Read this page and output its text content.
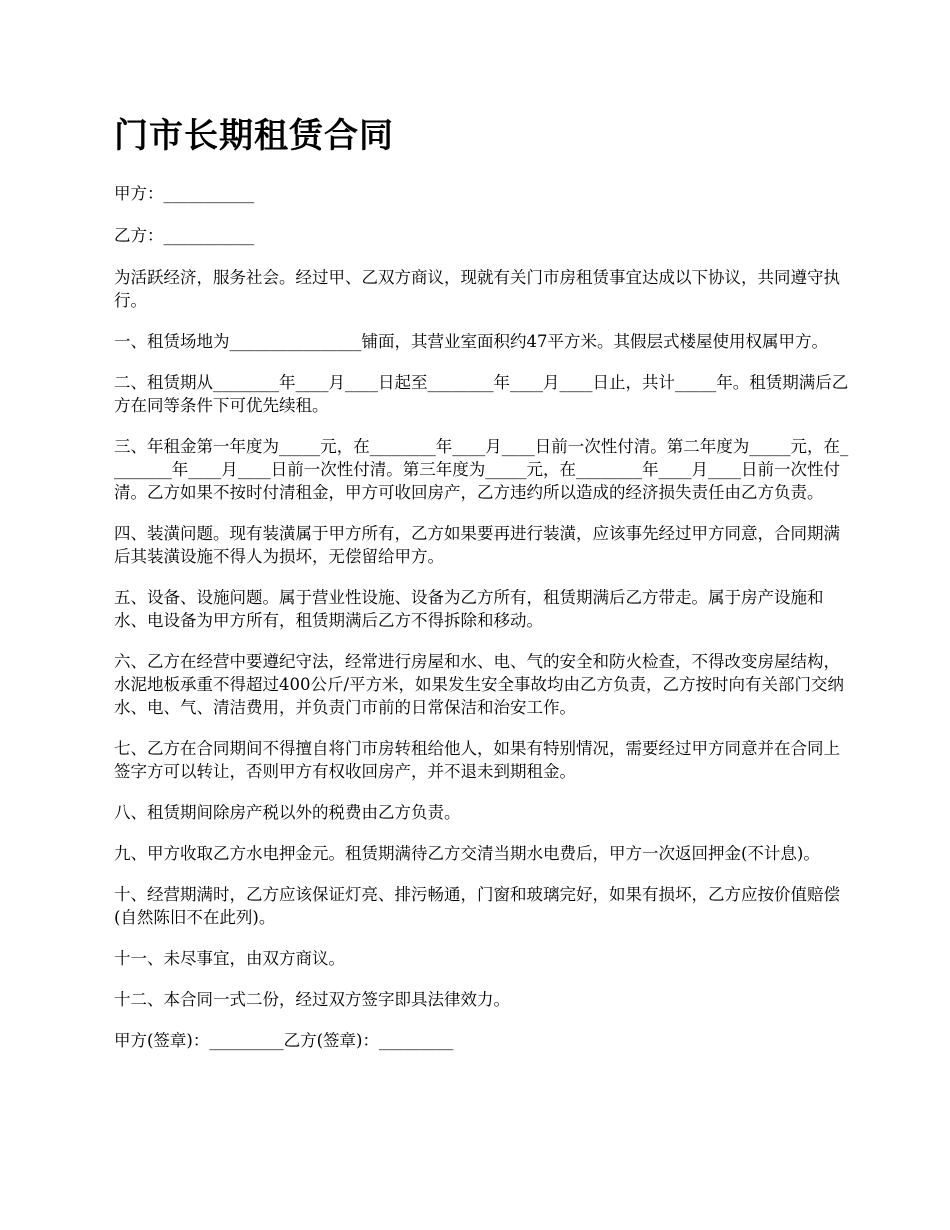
门市长期租赁合同

甲方：___________

乙方：___________

为活跃经济，服务社会。经过甲、乙双方商议，现就有关门市房租赁事宜达成以下协议，共同遵守执行。

一、租赁场地为________________铺面，其营业室面积约47平方米。其假层式楼屋使用权属甲方。

二、租赁期从________年____月____日起至________年____月____日止，共计_____年。租赁期满后乙方在同等条件下可优先续租。

三、年租金第一年度为_____元，在________年____月____日前一次性付清。第二年度为_____元，在________年____月____日前一次性付清。第三年度为_____元，在________年____月____日前一次性付清。乙方如果不按时付清租金，甲方可收回房产，乙方违约所以造成的经济损失责任由乙方负责。

四、装潢问题。现有装潢属于甲方所有，乙方如果要再进行装潢，应该事先经过甲方同意，合同期满后其装潢设施不得人为损坏，无偿留给甲方。

五、设备、设施问题。属于营业性设施、设备为乙方所有，租赁期满后乙方带走。属于房产设施和水、电设备为甲方所有，租赁期满后乙方不得拆除和移动。

六、乙方在经营中要遵纪守法，经常进行房屋和水、电、气的安全和防火检查，不得改变房屋结构，水泥地板承重不得超过400公斤/平方米，如果发生安全事故均由乙方负责，乙方按时向有关部门交纳水、电、气、清洁费用，并负责门市前的日常保洁和治安工作。

七、乙方在合同期间不得擅自将门市房转租给他人，如果有特别情况，需要经过甲方同意并在合同上签字方可以转让，否则甲方有权收回房产，并不退未到期租金。

八、租赁期间除房产税以外的税费由乙方负责。

九、甲方收取乙方水电押金元。租赁期满待乙方交清当期水电费后，甲方一次返回押金(不计息)。

十、经营期满时，乙方应该保证灯亮、排污畅通，门窗和玻璃完好，如果有损坏，乙方应按价值赔偿(自然陈旧不在此列)。

十一、未尽事宜，由双方商议。

十二、本合同一式二份，经过双方签字即具法律效力。

甲方(签章)：_________乙方(签章)：_________
